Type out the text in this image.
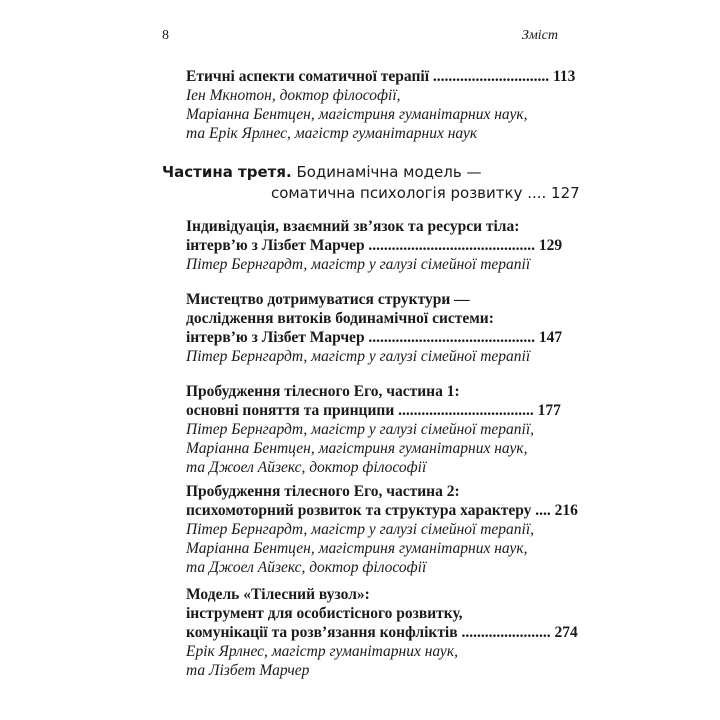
8	Зміст
Етичні аспекти соматичної терапії .............................. 113
Іен Мкнотон, доктор філософії,
Маріанна Бентцен, магістриня гуманітарних наук,
та Ерік Ярлнес, магістр гуманітарних наук
Частина третя. Бодинамічна модель —
соматична психологія розвитку .... 127
Індивідуація, взаємний зв’язок та ресурси тіла:
інтерв’ю з Лізбет Марчер ........................................... 129
Пітер Бернгардт, магістр у галузі сімейної терапії
Мистецтво дотримуватися структури —
дослідження витоків бодинамічної системи:
інтерв’ю з Лізбет Марчер ........................................... 147
Пітер Бернгардт, магістр у галузі сімейної терапії
Пробудження тілесного Его, частина 1:
основні поняття та принципи ................................... 177
Пітер Бернгардт, магістр у галузі сімейної терапії,
Маріанна Бентцен, магістриня гуманітарних наук,
та Джоел Айзекс, доктор філософії
Пробудження тілесного Его, частина 2:
психомоторний розвиток та структура характеру .... 216
Пітер Бернгардт, магістр у галузі сімейної терапії,
Маріанна Бентцен, магістриня гуманітарних наук,
та Джоел Айзекс, доктор філософії
Модель «Тілесний вузол»:
інструмент для особистісного розвитку,
комунікації та розв’язання конфліктів ....................... 274
Ерік Ярлнес, магістр гуманітарних наук,
та Лізбет Марчер
